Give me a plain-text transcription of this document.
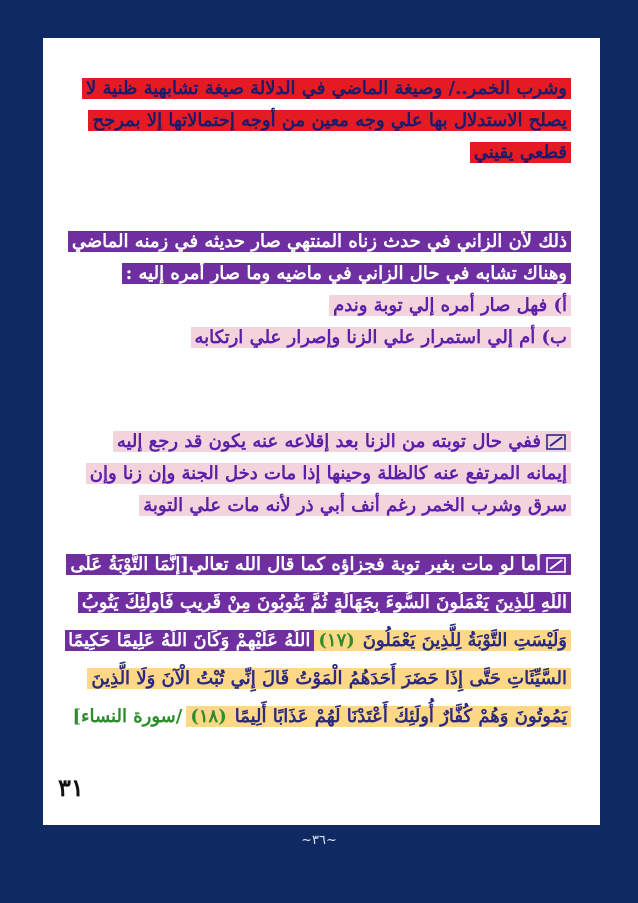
وشرب الخمر../ وصيغة الماضي في الدلالة صيغة تشابهية ظنية لا
يصلح الاستدلال بها علي وجه معين من أوجه إحتمالاتها إلا بمرجح
قطعي يقيني
ذلك لأن الزاني في حدث زناه المنتهي صار حديثه في زمنه الماضي
وهناك تشابه في حال الزاني في ماضيه وما صار أمره إليه :
أ) فهل صار أمره إلي توبة وندم
ب) أم إلي استمرار علي الزنا وإصرار علي ارتكابه
ففي حال توبته من الزنا بعد إقلاعه عنه يكون قد رجع إليه
إيمانه المرتفع عنه كالظلة وحينها إذا مات دخل الجنة وإن زنا وإن
سرق وشرب الخمر رغم أنف أبي ذر لأنه مات علي التوبة
أما لو مات بغير توبة فجزاؤه كما قال الله تعالي[إِنَّمَا التَّوْبَةُ عَلَى
اللَّهِ لِلَّذِينَ يَعْمَلُونَ السُّوءَ بِجَهَالَةٍ ثُمَّ يَتُوبُونَ مِنْ قَرِيبٍ فَأُولَئِكَ يَتُوبُ
وَلَيْسَتِ التَّوْبَةُ لِلَّذِينَ يَعْمَلُونَ(١٧)اللَّهُ عَلَيْهِمْ وَكَانَ اللَّهُ عَلِيمًا حَكِيمًا
السَّيِّئَاتِ حَتَّى إِذَا حَضَرَ أَحَدَهُمُ الْمَوْتُ قَالَ إِنِّي تُبْتُ الْآنَ وَلَا الَّذِينَ
يَمُوتُونَ وَهُمْ كُفَّارٌ أُولَئِكَ أَعْتَدْنَا لَهُمْ عَذَابًا أَلِيمًا(١٨)/سورة النساء]
٣١
~٣٦~
